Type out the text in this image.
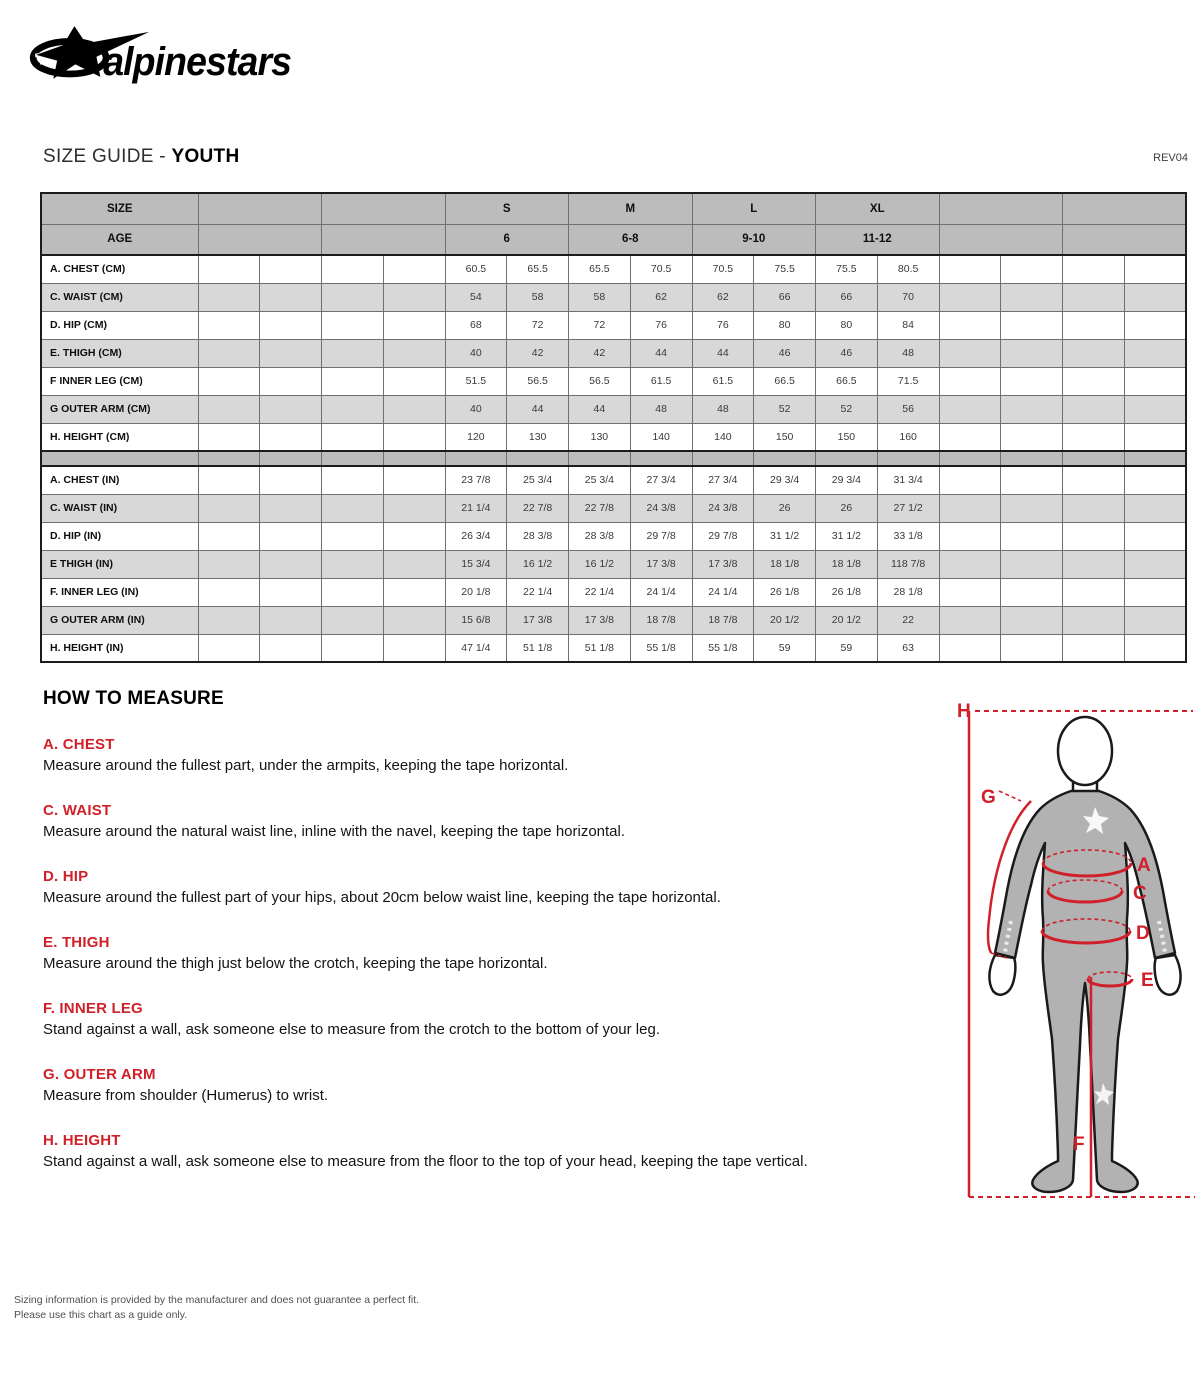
alpinestars
SIZE GUIDE - YOUTH	REV04
SIZE					S		M		L		XL					
AGE					6		6-8		9-10		11-12					
A. CHEST (CM)					60.5	65.5	65.5	70.5	70.5	75.5	75.5	80.5				
C. WAIST (CM)					54	58	58	62	62	66	66	70				
D. HIP (CM)					68	72	72	76	76	80	80	84				
E. THIGH (CM)					40	42	42	44	44	46	46	48				
F INNER LEG (CM)					51.5	56.5	56.5	61.5	61.5	66.5	66.5	71.5				
G OUTER ARM (CM)					40	44	44	48	48	52	52	56				
H. HEIGHT (CM)					120	130	130	140	140	150	150	160				

A. CHEST (IN)					23 7/8	25 3/4	25 3/4	27 3/4	27 3/4	29 3/4	29 3/4	31 3/4				
C. WAIST (IN)					21 1/4	22 7/8	22 7/8	24 3/8	24 3/8	26	26	27 1/2				
D. HIP (IN)					26 3/4	28 3/8	28 3/8	29 7/8	29 7/8	31 1/2	31 1/2	33 1/8				
E THIGH (IN)					15 3/4	16 1/2	16 1/2	17 3/8	17 3/8	18 1/8	18 1/8	118 7/8				
F. INNER LEG (IN)					20 1/8	22 1/4	22 1/4	24 1/4	24 1/4	26 1/8	26 1/8	28 1/8				
G OUTER ARM (IN)					15 6/8	17 3/8	17 3/8	18 7/8	18 7/8	20 1/2	20 1/2	22				
H. HEIGHT (IN)					47 1/4	51 1/8	51 1/8	55 1/8	55 1/8	59	59	63				
HOW TO MEASURE
A. CHEST

Measure around the fullest part, under the armpits, keeping the tape horizontal.

C. WAIST

Measure around the natural waist line, inline with the navel, keeping the tape horizontal.

D. HIP

Measure around the fullest part of your hips, about 20cm below waist line, keeping the tape horizontal.

E. THIGH

Measure around the thigh just below the crotch, keeping the tape horizontal.

F. INNER LEG

Stand against a wall, ask someone else to measure from the crotch to the bottom of your leg.

G. OUTER ARM

Measure from shoulder (Humerus) to wrist.

H. HEIGHT

Stand against a wall, ask someone else to measure from the floor to the top of your head, keeping the tape vertical.

H
G
A
C
D
E
F
Sizing information is provided by the manufacturer and does not guarantee a perfect fit.
Please use this chart as a guide only.
